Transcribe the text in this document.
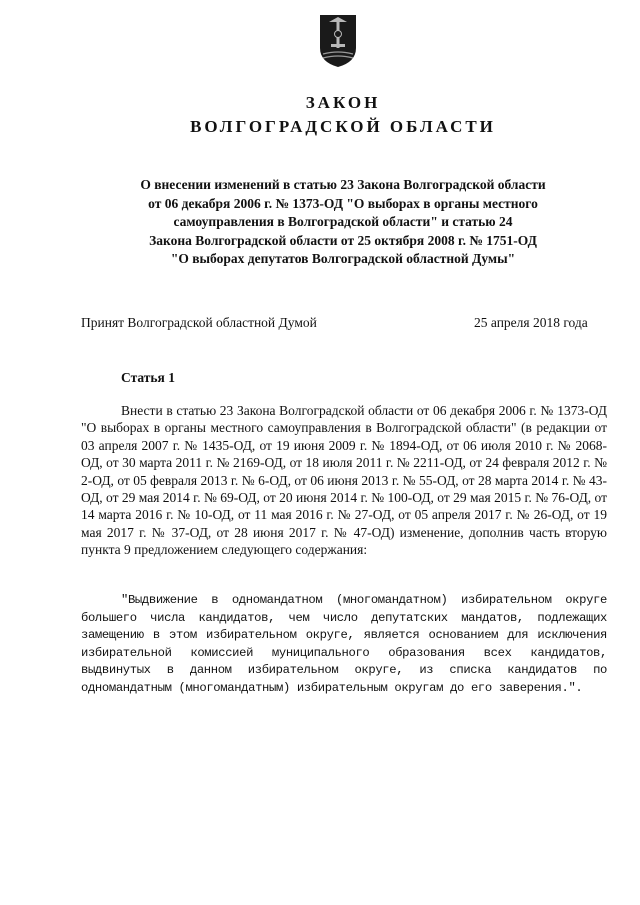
ЗАКОН
ВОЛГОГРАДСКОЙ ОБЛАСТИ
О внесении изменений в статью 23 Закона Волгоградской области
от 06 декабря 2006 г. № 1373-ОД "О выборах в органы местного
самоуправления в Волгоградской области" и статью 24
Закона Волгоградской области от 25 октября 2008 г. № 1751-ОД
"О выборах депутатов Волгоградской областной Думы"
Принят Волгоградской областной Думой	25 апреля 2018 года
Статья 1

Внести в статью 23 Закона Волгоградской области от 06 декабря 2006 г. № 1373-ОД "О выборах в органы местного самоуправления в Волгоградской области" (в редакции от 03 апреля 2007 г. № 1435-ОД, от 19 июня 2009 г. № 1894-ОД, от 06 июля 2010 г. № 2068-ОД, от 30 марта 2011 г. № 2169-ОД, от 18 июля 2011 г. № 2211-ОД, от 24 февраля 2012 г. № 2-ОД, от 05 февраля 2013 г. № 6-ОД, от 06 июня 2013 г. № 55-ОД, от 28 марта 2014 г. № 43-ОД, от 29 мая 2014 г. № 69-ОД, от 20 июня 2014 г. № 100-ОД, от 29 мая 2015 г. № 76-ОД, от 14 марта 2016 г. № 10-ОД, от 11 мая 2016 г. № 27-ОД, от 05 апреля 2017 г. № 26-ОД, от 19 мая 2017 г. № 37-ОД, от 28 июня 2017 г. № 47-ОД) изменение, дополнив часть вторую пункта 9 предложением следующего содержания:

"Выдвижение в одномандатном (многомандатном) избирательном округе большего числа кандидатов, чем число депутатских мандатов, подлежащих замещению в этом избирательном округе, является основанием для исключения избирательной комиссией муниципального образования всех кандидатов, выдвинутых в данном избирательном округе, из списка кандидатов по одномандатным (многомандатным) избирательным округам до его заверения.".
